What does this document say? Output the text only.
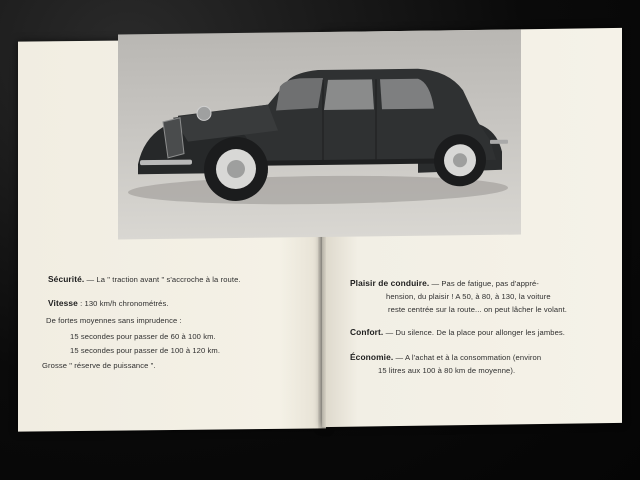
Sécurité. — La " traction avant " s'accroche à la route.
Vitesse : 130 km/h chronométrés.
De fortes moyennes sans imprudence :
15 secondes pour passer de 60 à 100 km.
15 secondes pour passer de 100 à 120 km.
Grosse " réserve de puissance ".
Plaisir de conduire. — Pas de fatigue, pas d'appré-
hension, du plaisir ! A 50, à 80, à 130, la voiture
reste centrée sur la route... on peut lâcher le volant.
Confort. — Du silence. De la place pour allonger les jambes.
Économie. — A l'achat et à la consommation (environ
15 litres aux 100 à 80 km de moyenne).
